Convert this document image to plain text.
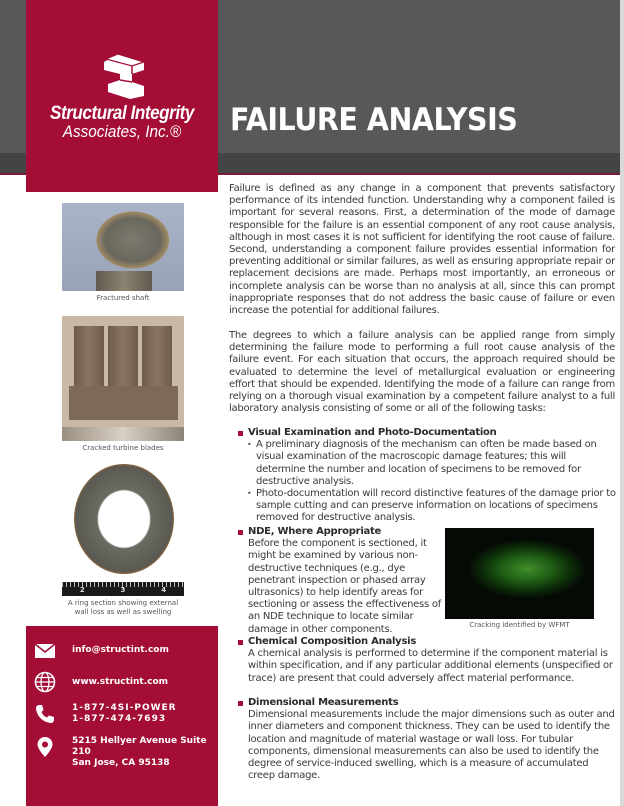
Structural Integrity
Associates, Inc.®	FAILURE ANALYSIS
Fractured shaft
Cracked turbine blades
2	3	4
A ring section showing external wall loss as well as swelling
info@structint.com
www.structint.com
1-877-4SI-POWER
1-877-474-7693
5215 Hellyer Avenue Suite 210
San Jose, CA 95138

Failure is defined as any change in a component that prevents satisfactory performance of its intended function. Understanding why a component failed is important for several reasons. First, a determination of the mode of damage responsible for the failure is an essential component of any root cause analysis, although in most cases it is not sufficient for identifying the root cause of failure. Second, understanding a component failure provides essential information for preventing additional or similar failures, as well as ensuring appropriate repair or replacement decisions are made. Perhaps most importantly, an erroneous or incomplete analysis can be worse than no analysis at all, since this can prompt inappropriate responses that do not address the basic cause of failure or even increase the potential for additional failures.

The degrees to which a failure analysis can be applied range from simply determining the failure mode to performing a full root cause analysis of the failure event. For each situation that occurs, the approach required should be evaluated to determine the level of metallurgical evaluation or engineering effort that should be expended. Identifying the mode of a failure can range from relying on a thorough visual examination by a competent failure analyst to a full laboratory analysis consisting of some or all of the following tasks:

Visual Examination and Photo-Documentation
• A preliminary diagnosis of the mechanism can often be made based on visual examination of the macroscopic damage features; this will determine the number and location of specimens to be removed for destructive analysis.
• Photo-documentation will record distinctive features of the damage prior to sample cutting and can preserve information on locations of specimens removed for destructive analysis.
NDE, Where Appropriate
Before the component is sectioned, it might be examined by various non-destructive techniques (e.g., dye penetrant inspection or phased array ultrasonics) to help identify areas for sectioning or assess the effectiveness of an NDE technique to locate similar damage in other components.	Cracking identified by WFMT
Chemical Composition Analysis
A chemical analysis is performed to determine if the component material is within specification, and if any particular additional elements (unspecified or trace) are present that could adversely affect material performance.
Dimensional Measurements
Dimensional measurements include the major dimensions such as outer and inner diameters and component thickness. They can be used to identify the location and magnitude of material wastage or wall loss. For tubular components, dimensional measurements can also be used to identify the degree of service-induced swelling, which is a measure of accumulated creep damage.
